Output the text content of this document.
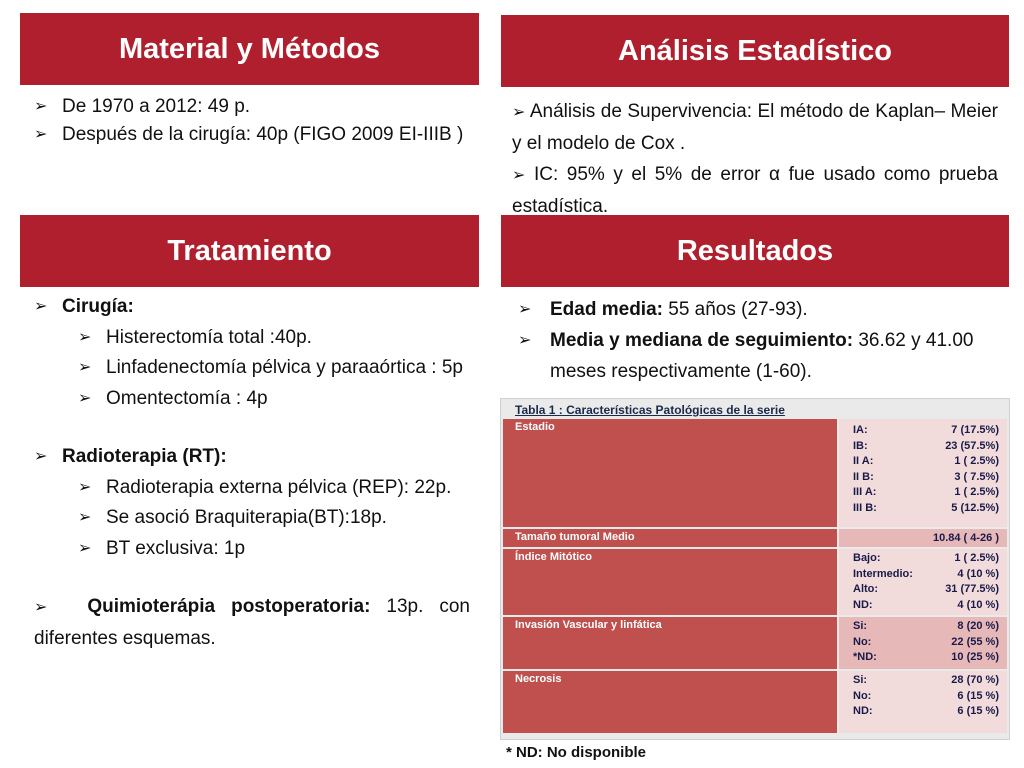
Material y Métodos	Análisis Estadístico
Tratamiento	Resultados
➢ De 1970 a 2012: 49 p.
➢ Después de la cirugía: 40p (FIGO 2009 EI-IIIB )
➢ Análisis de Supervivencia: El método de Kaplan– Meier y el modelo de Cox .
➢ IC: 95% y el 5% de error α fue usado como prueba estadística.
➢ Cirugía:
➢ Histerectomía total :40p.
➢ Linfadenectomía pélvica y paraaórtica : 5p
➢ Omentectomía : 4p
➢ Radioterapia (RT):
➢ Radioterapia externa pélvica (REP): 22p.
➢ Se asoció Braquiterapia(BT):18p.
➢ BT exclusiva: 1p
➢ Quimioterápia postoperatoria: 13p. con diferentes esquemas.
➢ Edad media: 55 años (27-93).
➢ Media y mediana de seguimiento: 36.62 y 41.00 meses respectivamente (1-60).
Tabla 1 : Características Patológicas de la serie
Estadio	IA:	7 (17.5%)
IB:	23 (57.5%)
II A:	1 ( 2.5%)
II B:	3 ( 7.5%)
III A:	1 ( 2.5%)
III B:	5 (12.5%)
Tamaño tumoral Medio	10.84 ( 4-26 )
Índice Mitótico	Bajo:	1 ( 2.5%)
Intermedio:	4 (10 %)
Alto:	31 (77.5%)
ND:	4 (10 %)
Invasión Vascular y linfática	Si:	8 (20 %)
No:	22 (55 %)
*ND:	10 (25 %)
Necrosis	Si:	28 (70 %)
No:	6 (15 %)
ND:	6 (15 %)
* ND: No disponible
